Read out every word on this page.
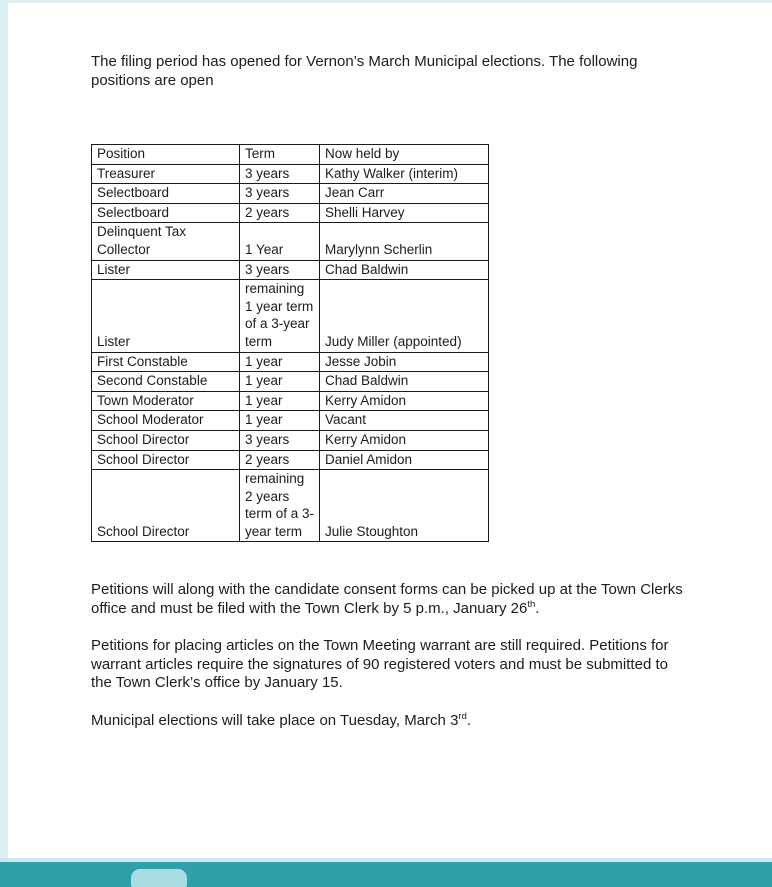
The filing period has opened for Vernon’s March Municipal elections. The following positions are open

Position	Term	Now held by
Treasurer	3 years	Kathy Walker (interim)
Selectboard	3 years	Jean Carr
Selectboard	2 years	Shelli Harvey
Delinquent Tax Collector	1 Year	Marylynn Scherlin
Lister	3 years	Chad Baldwin
Lister	remaining 1 year term of a 3-year term	Judy Miller (appointed)
First Constable	1 year	Jesse Jobin
Second Constable	1 year	Chad Baldwin
Town Moderator	1 year	Kerry Amidon
School Moderator	1 year	Vacant
School Director	3 years	Kerry Amidon
School Director	2 years	Daniel Amidon
School Director	remaining 2 years term of a 3-year term	Julie Stoughton

Petitions will along with the candidate consent forms can be picked up at the Town Clerks office and must be filed with the Town Clerk by 5 p.m., January 26th.

Petitions for placing articles on the Town Meeting warrant are still required. Petitions for warrant articles require the signatures of 90 registered voters and must be submitted to the Town Clerk’s office by January 15.

Municipal elections will take place on Tuesday, March 3rd.
